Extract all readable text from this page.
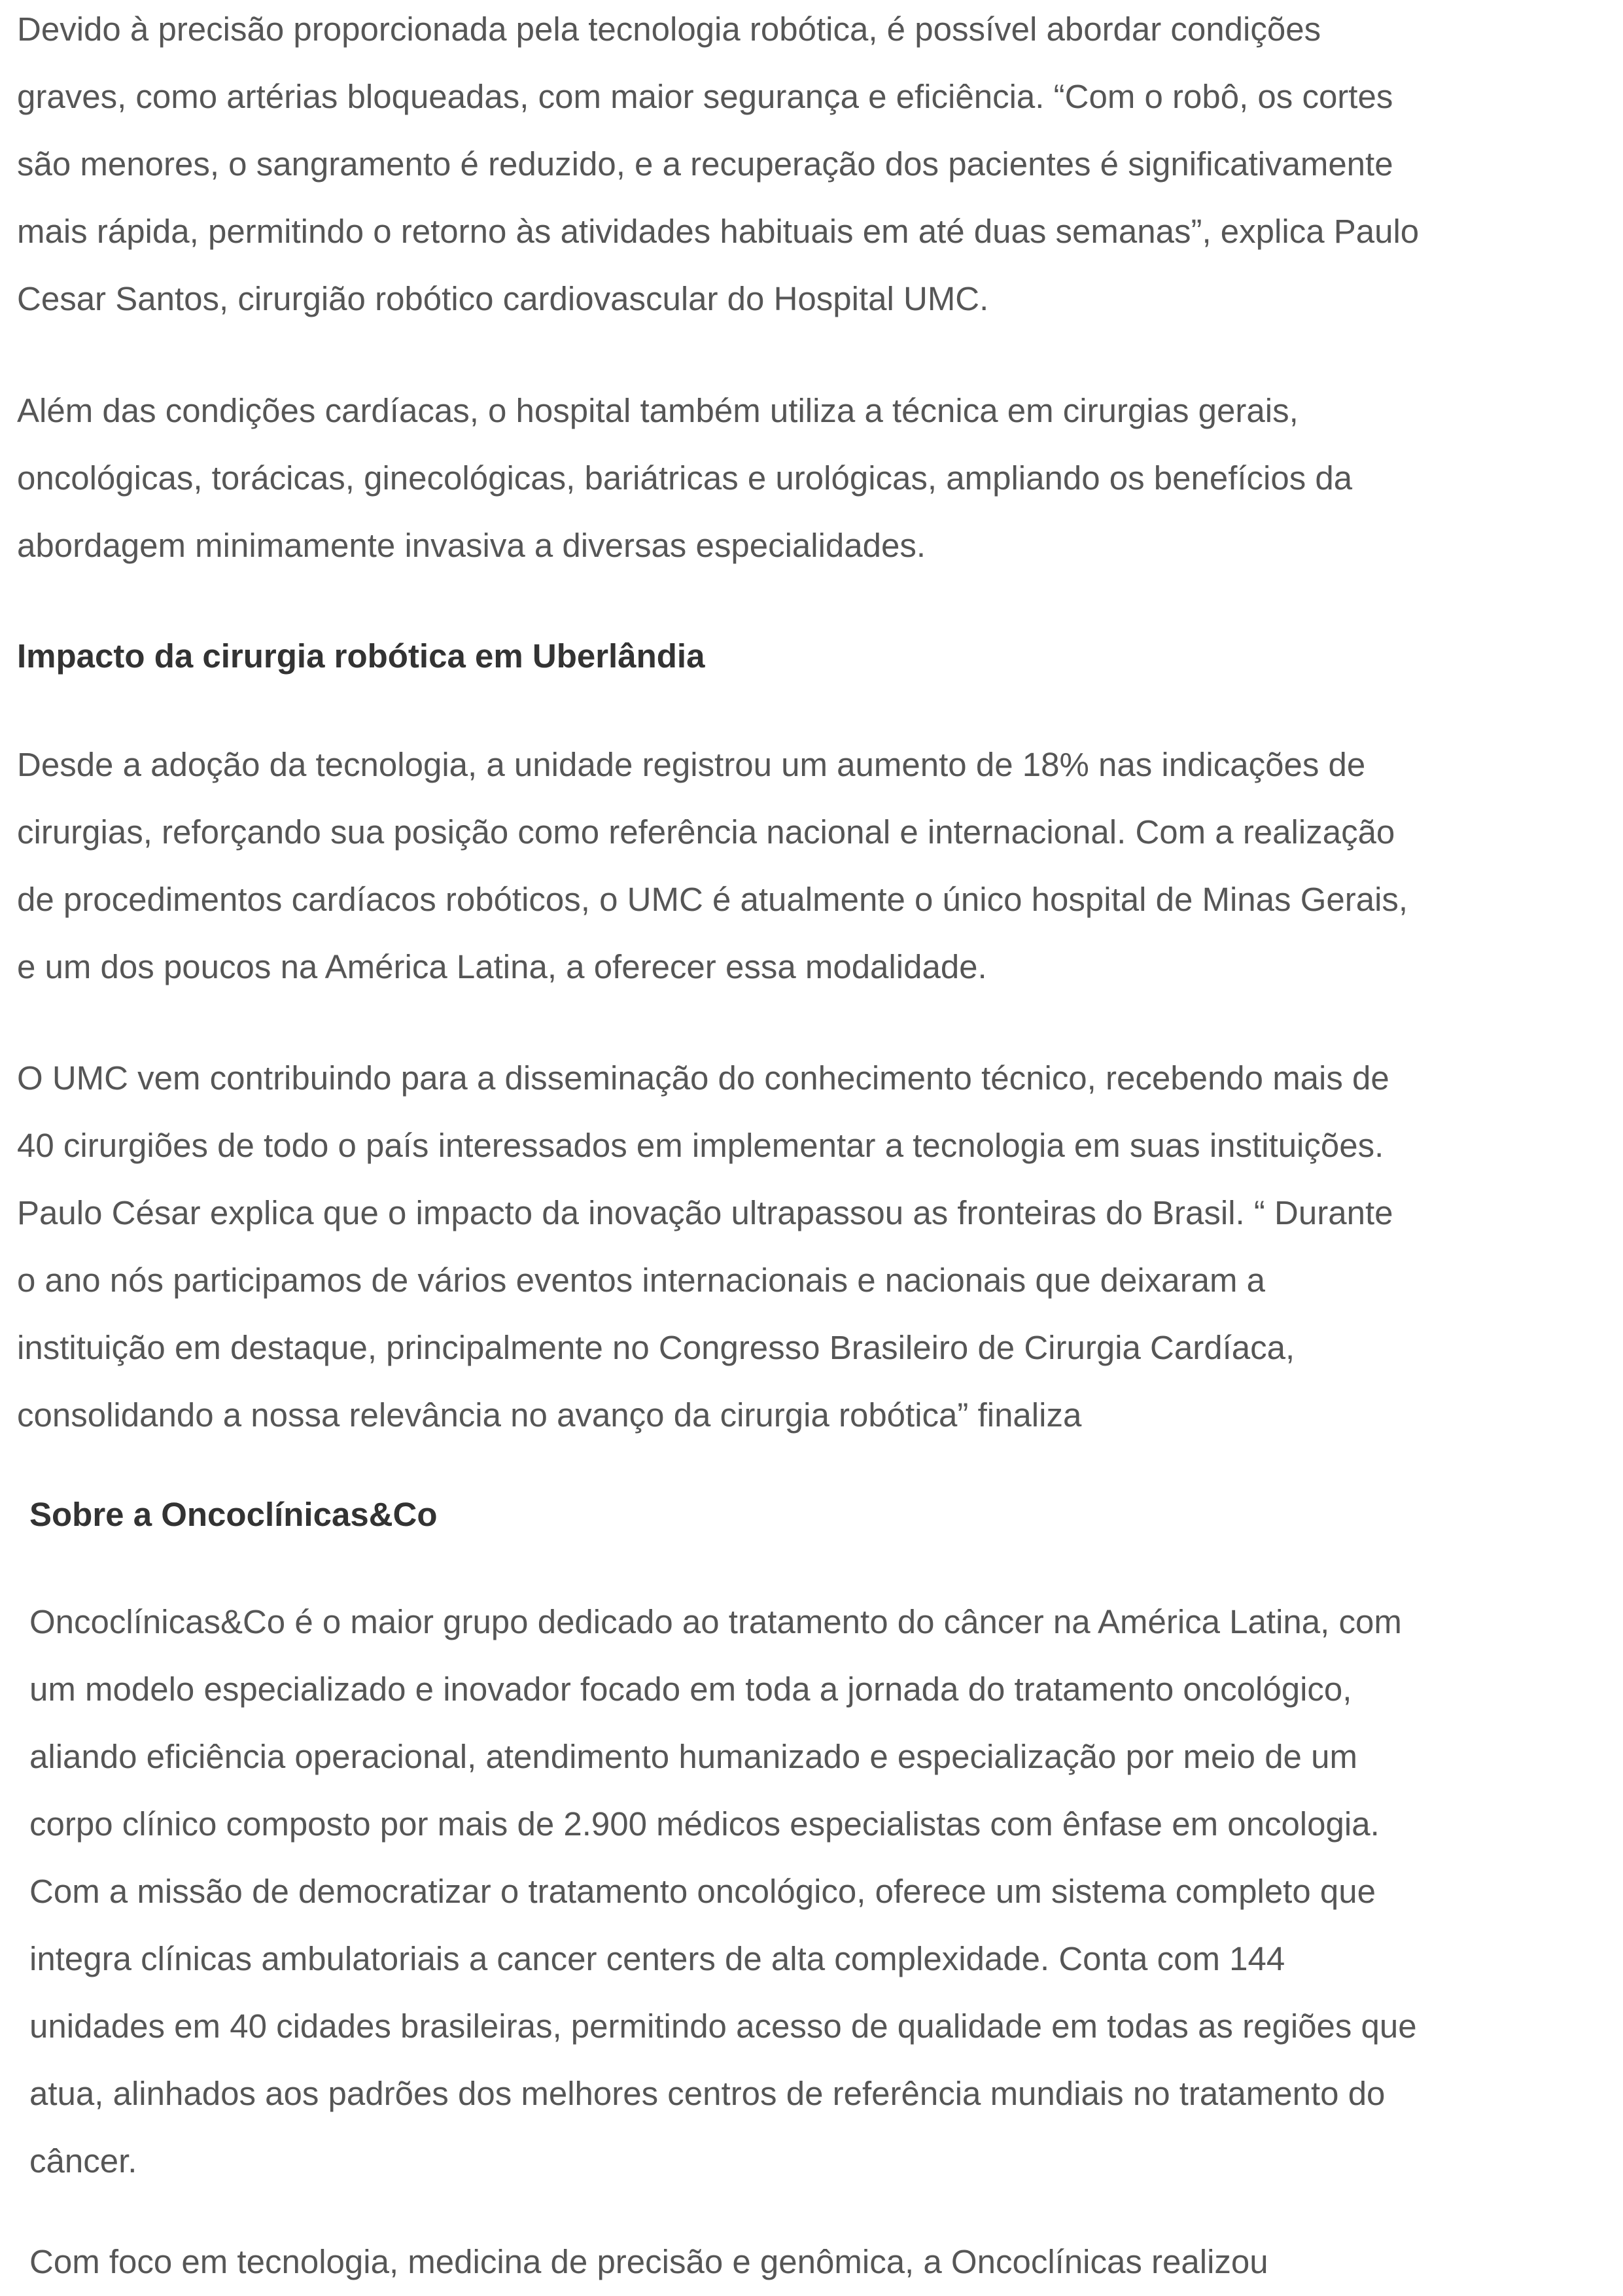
Devido à precisão proporcionada pela tecnologia robótica, é possível abordar condições
graves, como artérias bloqueadas, com maior segurança e eficiência. “Com o robô, os cortes
são menores, o sangramento é reduzido, e a recuperação dos pacientes é significativamente
mais rápida, permitindo o retorno às atividades habituais em até duas semanas”, explica Paulo
Cesar Santos, cirurgião robótico cardiovascular do Hospital UMC.

Além das condições cardíacas, o hospital também utiliza a técnica em cirurgias gerais,
oncológicas, torácicas, ginecológicas, bariátricas e urológicas, ampliando os benefícios da
abordagem minimamente invasiva a diversas especialidades.

Impacto da cirurgia robótica em Uberlândia

Desde a adoção da tecnologia, a unidade registrou um aumento de 18% nas indicações de
cirurgias, reforçando sua posição como referência nacional e internacional. Com a realização
de procedimentos cardíacos robóticos, o UMC é atualmente o único hospital de Minas Gerais,
e um dos poucos na América Latina, a oferecer essa modalidade.

O UMC vem contribuindo para a disseminação do conhecimento técnico, recebendo mais de
40 cirurgiões de todo o país interessados em implementar a tecnologia em suas instituições.
Paulo César explica que o impacto da inovação ultrapassou as fronteiras do Brasil. “ Durante
o ano nós participamos de vários eventos internacionais e nacionais que deixaram a
instituição em destaque, principalmente no Congresso Brasileiro de Cirurgia Cardíaca,
consolidando a nossa relevância no avanço da cirurgia robótica” finaliza

Sobre a Oncoclínicas&Co

Oncoclínicas&Co é o maior grupo dedicado ao tratamento do câncer na América Latina, com
um modelo especializado e inovador focado em toda a jornada do tratamento oncológico,
aliando eficiência operacional, atendimento humanizado e especialização por meio de um
corpo clínico composto por mais de 2.900 médicos especialistas com ênfase em oncologia.
Com a missão de democratizar o tratamento oncológico, oferece um sistema completo que
integra clínicas ambulatoriais a cancer centers de alta complexidade. Conta com 144
unidades em 40 cidades brasileiras, permitindo acesso de qualidade em todas as regiões que
atua, alinhados aos padrões dos melhores centros de referência mundiais no tratamento do
câncer.

Com foco em tecnologia, medicina de precisão e genômica, a Oncoclínicas realizou
